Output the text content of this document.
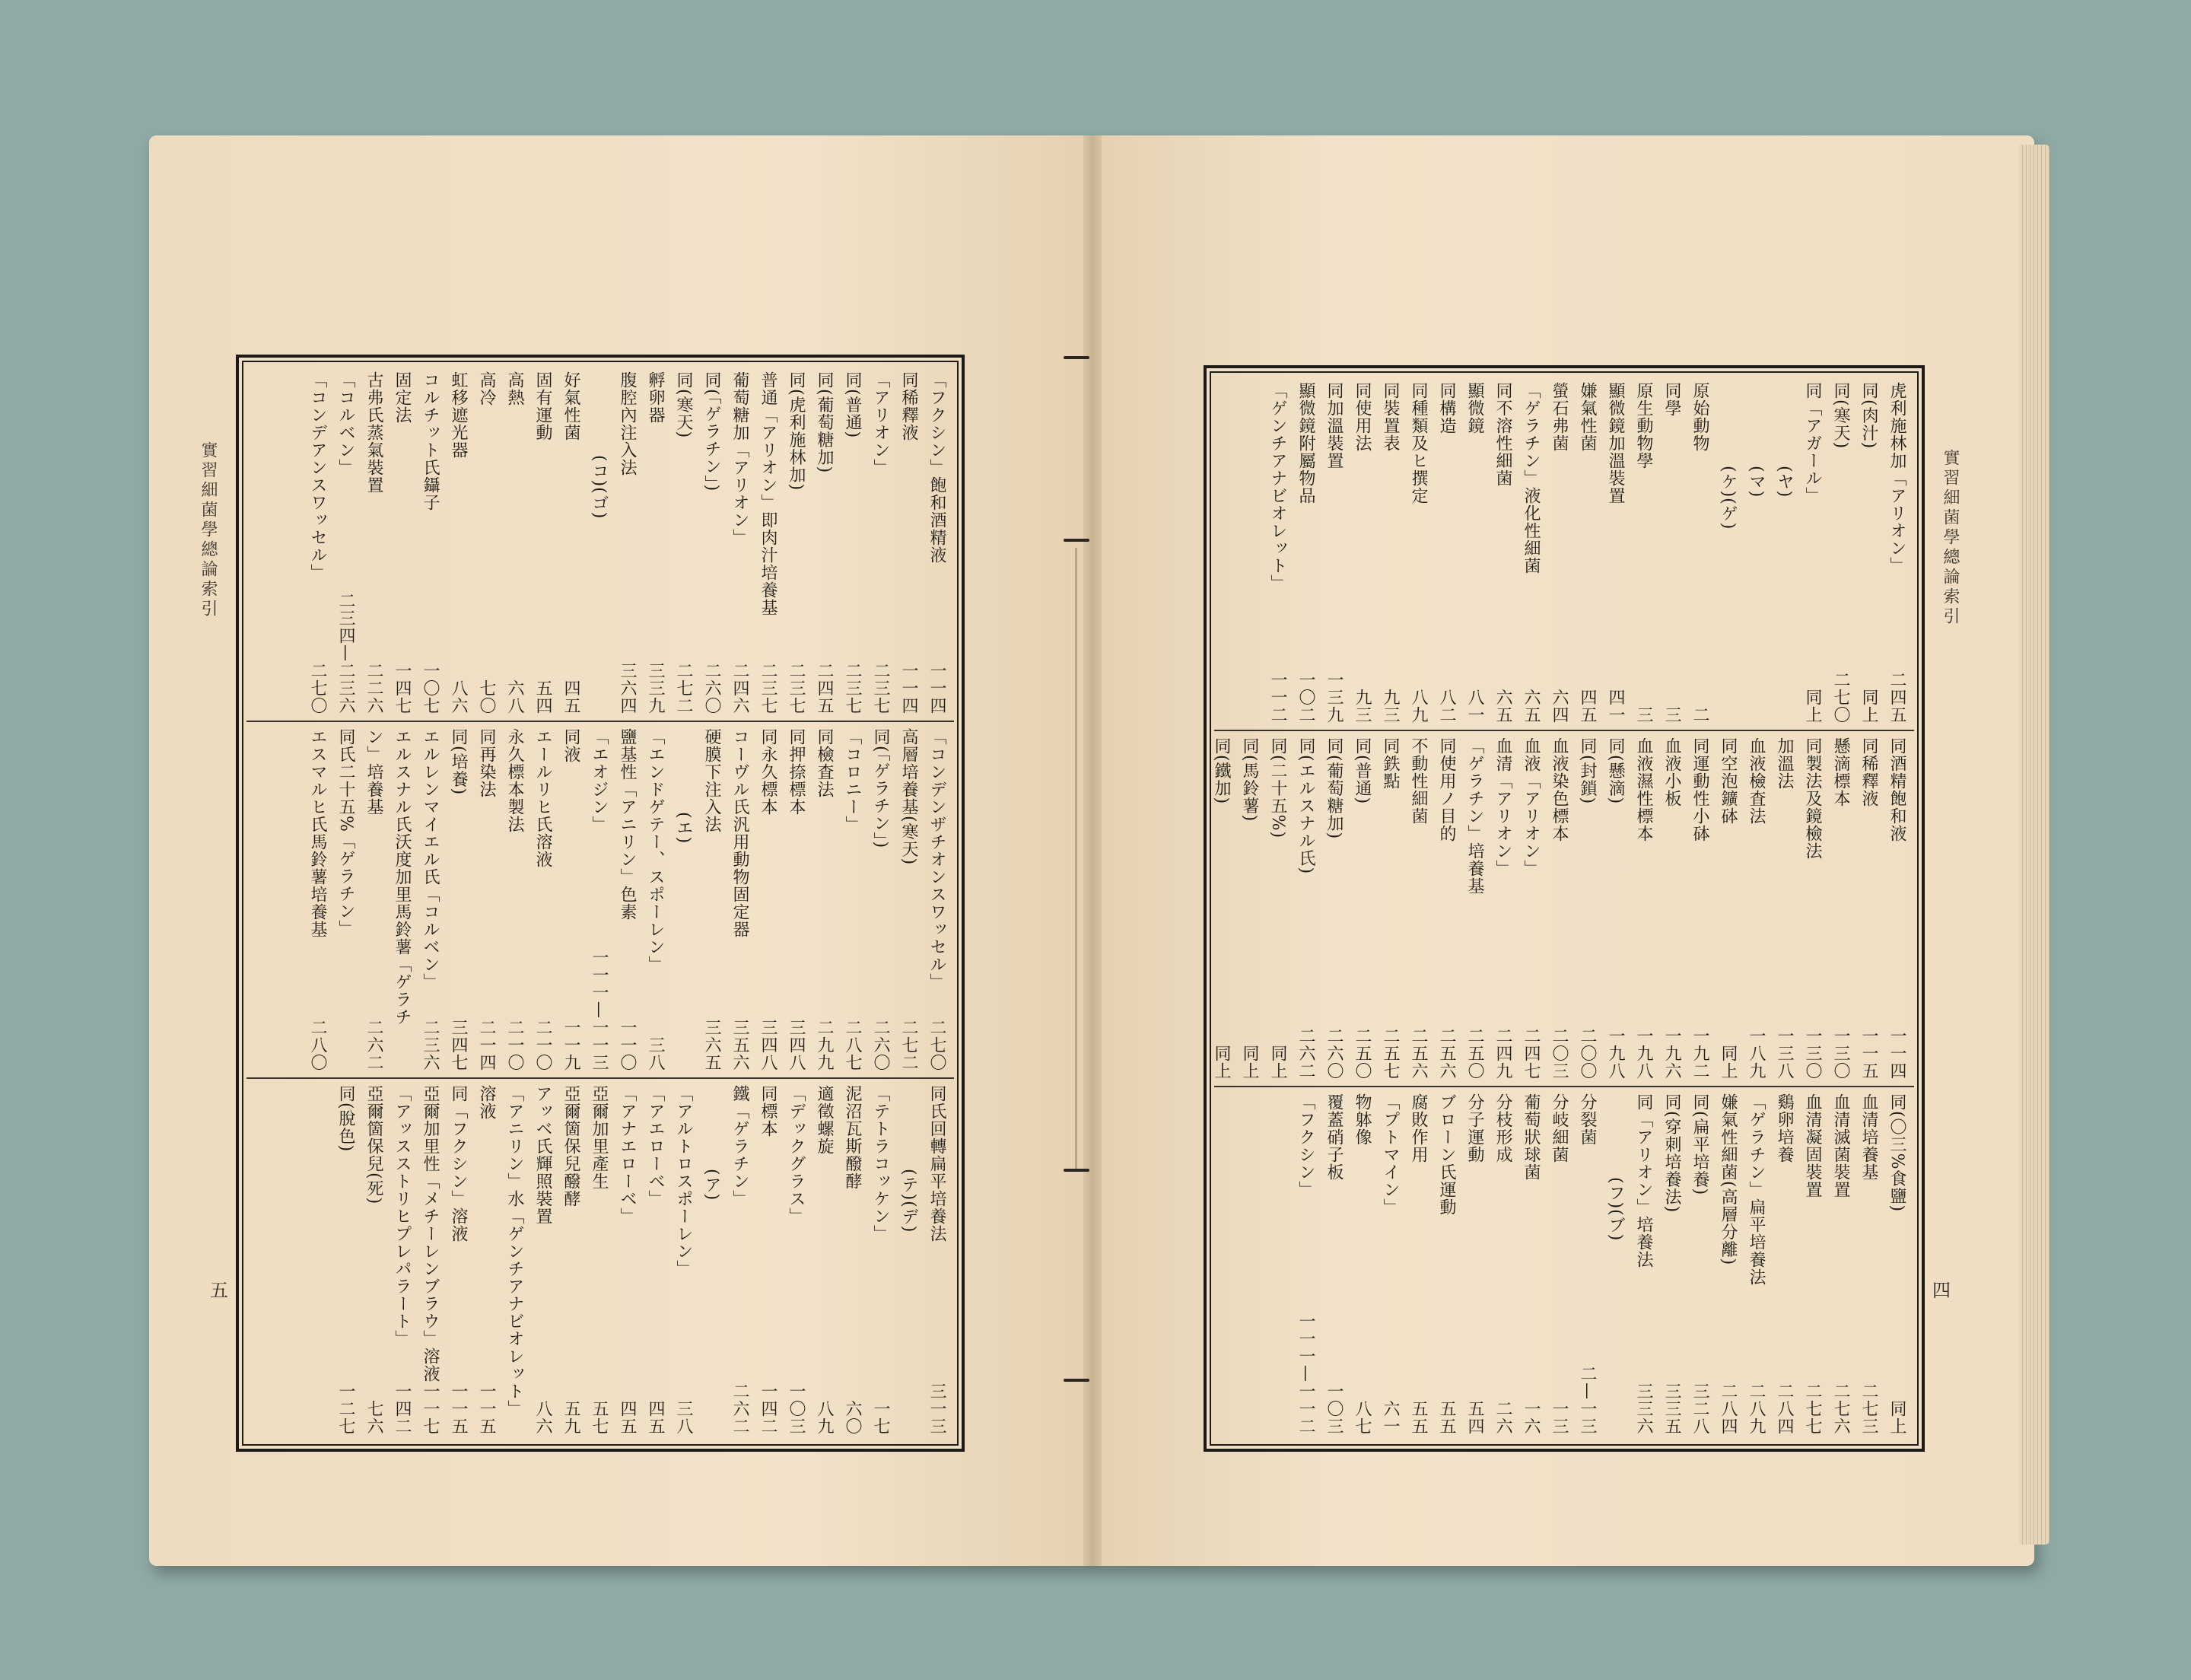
實習細菌學總論索引
五
「フクシン」飽和酒精液
一一四
同稀釋液
一一四
「アリオン」
二三七
同(普通)
二三七
同(葡萄糖加)
二四五
同(虎利施林加)
二三七
普通「アリオン」即肉汁培養基
二三七
葡萄糖加「アリオン」
二四六
同(「ゲラチン」)
二六〇
同(寒天)
二七二
孵卵器
三三九
腹腔內注入法
三六四
(コ)(ゴ)
好氣性菌
四五
固有運動
五四
高熱
六八
高冷
七〇
虹移遮光器
八六
コルチット氏鑷子
一〇七
固定法
一四七
古弗氏蒸氣裝置
二二六
「コルベン」
二三四—二三六
「コンデアンスワッセル」
二七〇
「コンデンザチオンスワッセル」
二七〇
高層培養基(寒天)
二七二
同(「ゲラチン」)
二六〇
「コロニー」
二八七
同檢査法
二九九
同押捺標本
三四八
同永久標本
三四八
コーヴル氏汎用動物固定器
三五六
硬膜下注入法
三六五
(エ)
「エンドゲテー、スポーレン」
三八
鹽基性「アニリン」色素
一一〇
「エオジン」
一一一—一一三
同液
一一九
エールリヒ氏溶液
二一〇
永久標本製法
二一〇
同再染法
二一四
同(培養)
三四七
エルレンマイエル氏「コルベン」
二三六
エルスナル氏沃度加里馬鈴薯「ゲラチ
ン」培養基
二六二
同氏二十五%「ゲラチン」
エスマルヒ氏馬鈴薯培養基
二八〇
同氏回轉扁平培養法
三一三
(テ)(デ)
「テトラコッケン」
一七
泥沼瓦斯醱酵
六〇
適徵螺旋
八九
「デックグラス」
一〇三
同標本
一四二
鐵「ゲラチン」
二六二
(ア)
「アルトロスポーレン」
三八
「アエローベ」
四五
「アナエローベ」
四五
亞爾加里產生
五七
亞爾箇保兒醱酵
五九
アッベ氏輝照裝置
八六
「アニリン」水「ゲンチアナビオレット」
溶液
一一五
同「フクシン」溶液
一一五
亞爾加里性「メチーレンブラウ」溶液
一一七
「アッスストリヒプレパラート」
一四二
亞爾箇保兒(死)
七六
同(脫色)
一二七
實習細菌學總論索引
四
虎利施林加「アリオン」
二四五
同(肉汁)
同上
同(寒天)
二七〇
同「アガール」
同上
(ヤ)
(マ)
(ケ)(ゲ)
原始動物
二
同學
三
原生動物學
三
顯微鏡加溫裝置
四一
嫌氣性菌
四五
螢石弗菌
六四
「ゲラチン」液化性細菌
六五
同不溶性細菌
六五
顯微鏡
八一
同構造
八二
同種類及ヒ撰定
八九
同裝置表
九三
同使用法
九三
同加溫裝置
一三九
顯微鏡附屬物品
一〇二
「ゲンチアナビオレット」
一一二
同酒精飽和液
一一四
同稀釋液
一一五
懸滴標本
一三〇
同製法及鏡檢法
一三〇
加溫法
一三八
血液檢査法
一八九
同空泡鑛砵
同上
同運動性小砵
一九二
血液小板
一九六
血液濕性標本
一九八
同(懸滴)
一九八
同(封鎖)
二〇〇
血液染色標本
二〇三
血液「アリオン」
二四七
血清「アリオン」
二四九
「ゲラチン」培養基
二五〇
同使用ノ目的
二五六
不動性細菌
二五六
同鉄點
二五七
同(普通)
二五〇
同(葡萄糖加)
二六〇
同(エルスナル氏)
二六二
同(二十五%)
同上
同(馬鈴薯)
同上
同(鐵加)
同上
同(〇三%食鹽)
同上
血清培養基
二七三
血清滅菌裝置
二七六
血清凝固裝置
二七七
鷄卵培養
二八四
「ゲラチン」扁平培養法
二八九
嫌氣性細菌(高層分離)
二八四
同(扁平培養)
三二八
同(穿刺培養法)
三三五
同「アリオン」培養法
三三六
(フ)(ブ)
分裂菌
二—一三
分岐細菌
一三
葡萄狀球菌
一六
分枝形成
二六
分子運動
五四
ブローン氏運動
五五
腐敗作用
五五
「プトマイン」
六一
物躰像
八七
覆蓋硝子板
一〇三
「フクシン」
一一一—一一二
